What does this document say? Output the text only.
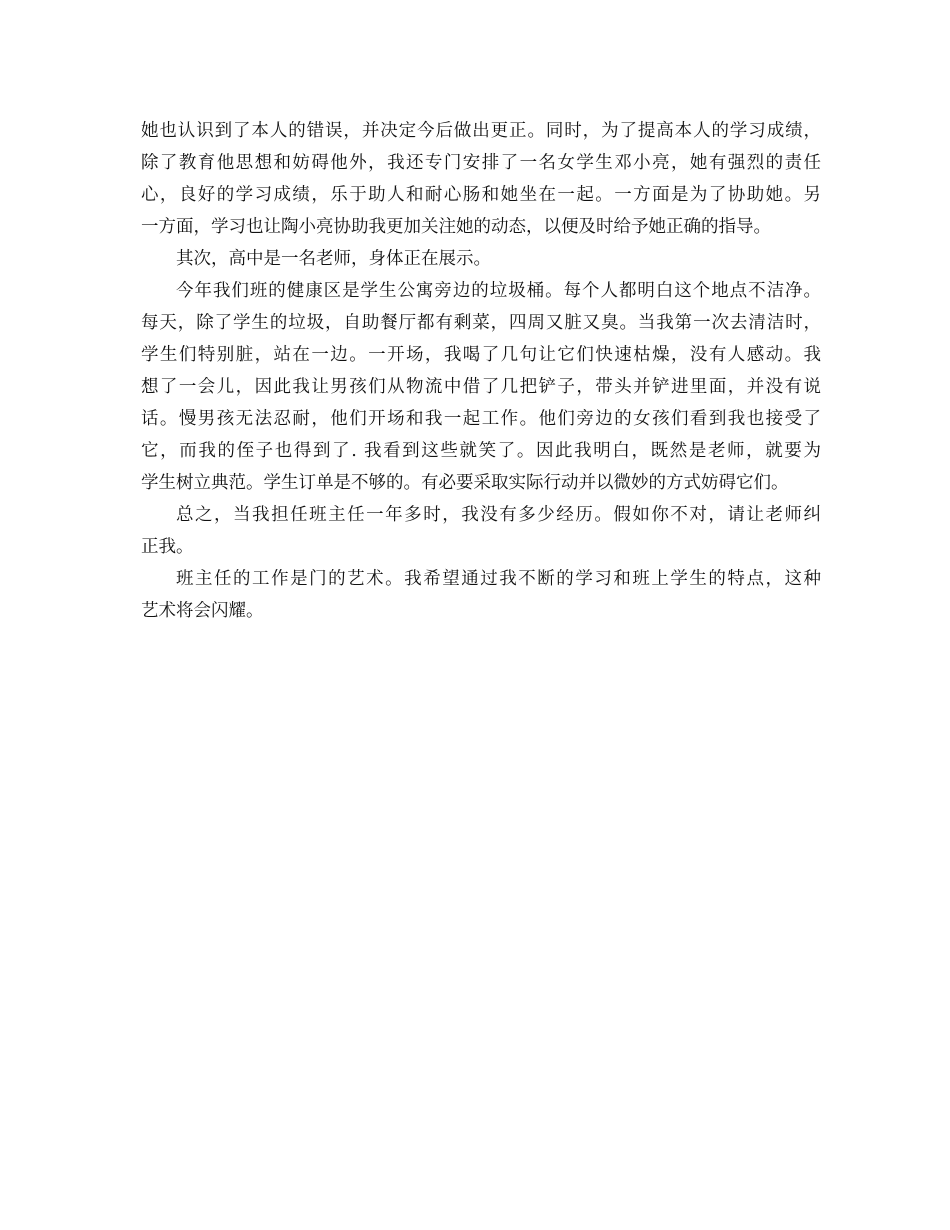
她也认识到了本人的错误，并决定今后做出更正。同时，为了提高本人的学习成绩，
除了教育他思想和妨碍他外，我还专门安排了一名女学生邓小亮，她有强烈的责任
心，良好的学习成绩，乐于助人和耐心肠和她坐在一起。一方面是为了协助她。另
一方面，学习也让陶小亮协助我更加关注她的动态，以便及时给予她正确的指导。
其次，高中是一名老师，身体正在展示。
今年我们班的健康区是学生公寓旁边的垃圾桶。每个人都明白这个地点不洁净。
每天，除了学生的垃圾，自助餐厅都有剩菜，四周又脏又臭。当我第一次去清洁时，
学生们特别脏，站在一边。一开场，我喝了几句让它们快速枯燥，没有人感动。我
想了一会儿，因此我让男孩们从物流中借了几把铲子，带头并铲进里面，并没有说
话。慢男孩无法忍耐，他们开场和我一起工作。他们旁边的女孩们看到我也接受了
它，而我的侄子也得到了. 我看到这些就笑了。因此我明白，既然是老师，就要为
学生树立典范。学生订单是不够的。有必要采取实际行动并以微妙的方式妨碍它们。
总之，当我担任班主任一年多时，我没有多少经历。假如你不对，请让老师纠
正我。
班主任的工作是门的艺术。我希望通过我不断的学习和班上学生的特点，这种
艺术将会闪耀。
